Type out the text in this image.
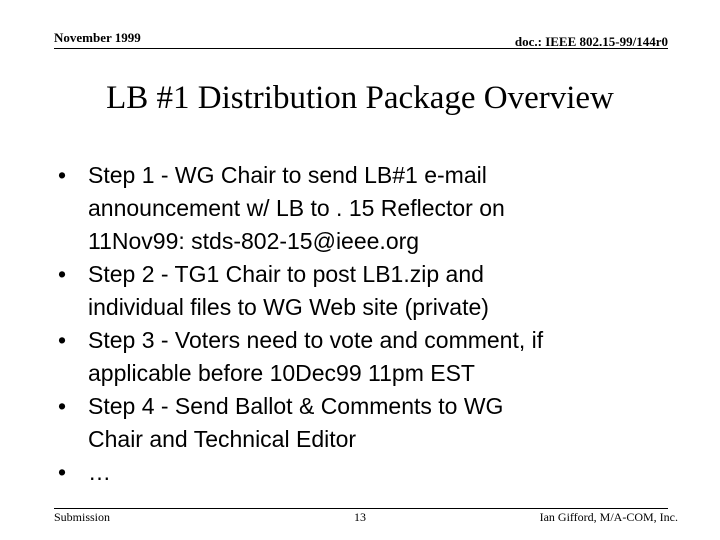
November 1999	doc.: IEEE 802.15-99/144r0
LB #1 Distribution Package Overview
• Step 1 - WG Chair to send LB#1 e-mail
announcement w/ LB to . 15 Reflector on
11Nov99: stds-802-15@ieee.org
• Step 2 - TG1 Chair to post LB1.zip and
individual files to WG Web site (private)
• Step 3 - Voters need to vote and comment, if
applicable before 10Dec99 11pm EST
• Step 4 - Send Ballot & Comments to WG
Chair and Technical Editor
• …
Submission	13	Ian Gifford, M/A-COM, Inc.
